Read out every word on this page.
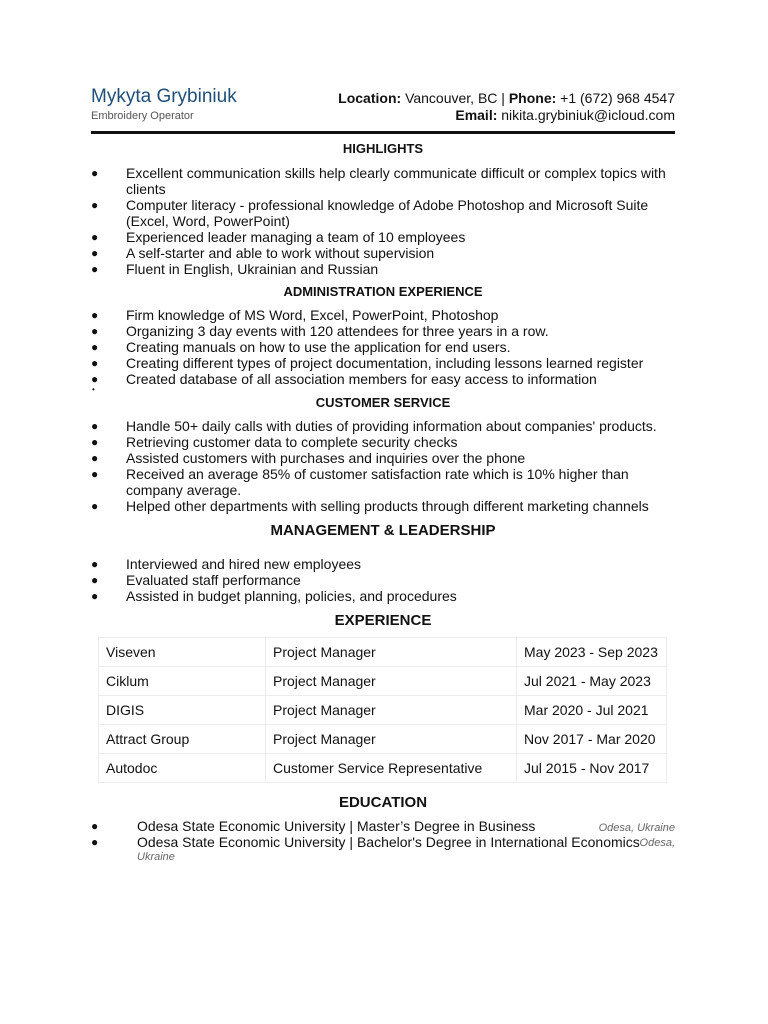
Mykyta Grybiniuk
Embroidery Operator
Location: Vancouver, BC | Phone: +1 (672) 968 4547
Email: nikita.grybiniuk@icloud.com
HIGHLIGHTS
● Excellent communication skills help clearly communicate difficult or complex topics with clients
● Computer literacy - professional knowledge of Adobe Photoshop and Microsoft Suite (Excel, Word, PowerPoint)
● Experienced leader managing a team of 10 employees
● A self-starter and able to work without supervision
● Fluent in English, Ukrainian and Russian
ADMINISTRATION EXPERIENCE
● Firm knowledge of MS Word, Excel, PowerPoint, Photoshop
● Organizing 3 day events with 120 attendees for three years in a row.
● Creating manuals on how to use the application for end users.
● Creating different types of project documentation, including lessons learned register
● Created database of all association members for easy access to information
•
CUSTOMER SERVICE
● Handle 50+ daily calls with duties of providing information about companies' products.
● Retrieving customer data to complete security checks
● Assisted customers with purchases and inquiries over the phone
● Received an average 85% of customer satisfaction rate which is 10% higher than company average.
● Helped other departments with selling products through different marketing channels
MANAGEMENT & LEADERSHIP
● Interviewed and hired new employees
● Evaluated staff performance
● Assisted in budget planning, policies, and procedures
EXPERIENCE
Viseven	Project Manager	May 2023 - Sep 2023
Ciklum	Project Manager	Jul 2021 - May 2023
DIGIS	Project Manager	Mar 2020 - Jul 2021
Attract Group	Project Manager	Nov 2017 - Mar 2020
Autodoc	Customer Service Representative	Jul 2015 - Nov 2017
EDUCATION
●	Odesa State Economic University | Master’s Degree in Business	Odesa, Ukraine
●	Odesa State Economic University | Bachelor's Degree in International Economics Odesa,
Ukraine
